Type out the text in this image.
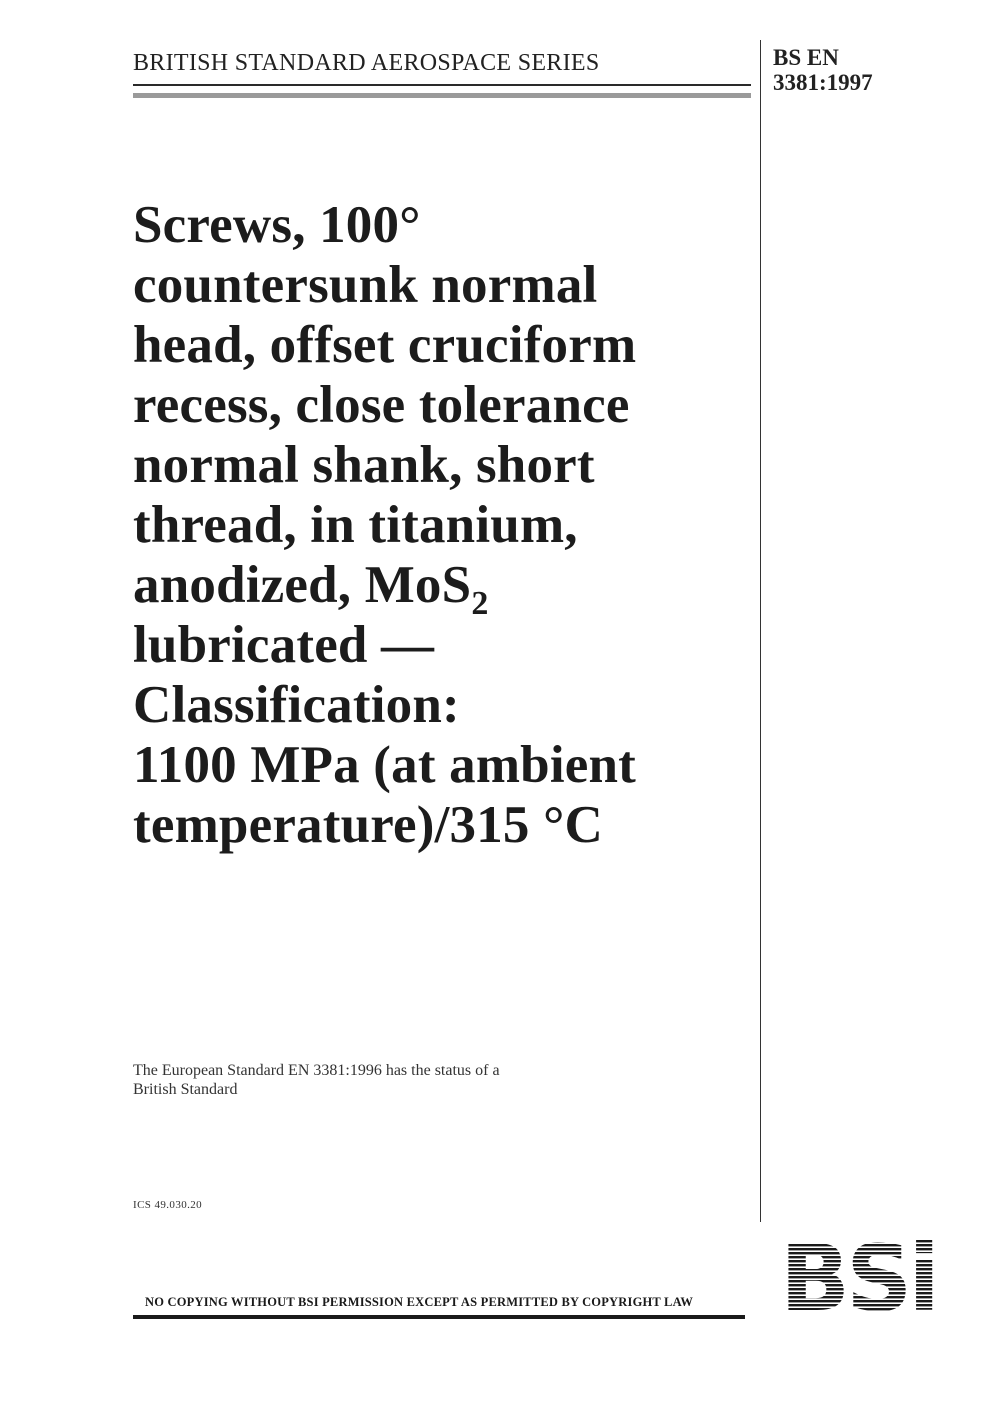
BRITISH STANDARD AEROSPACE SERIES	BS EN
3381:1997
Screws, 100°
countersunk normal
head, offset cruciform
recess, close tolerance
normal shank, short
thread, in titanium,
anodized, MoS$_2$
lubricated —
Classification:
1100 MPa (at ambient
temperature)/315 °C
The European Standard EN 3381:1996 has the status of a
British Standard
ICS 49.030.20
NO COPYING WITHOUT BSI PERMISSION EXCEPT AS PERMITTED BY COPYRIGHT LAW BSi
